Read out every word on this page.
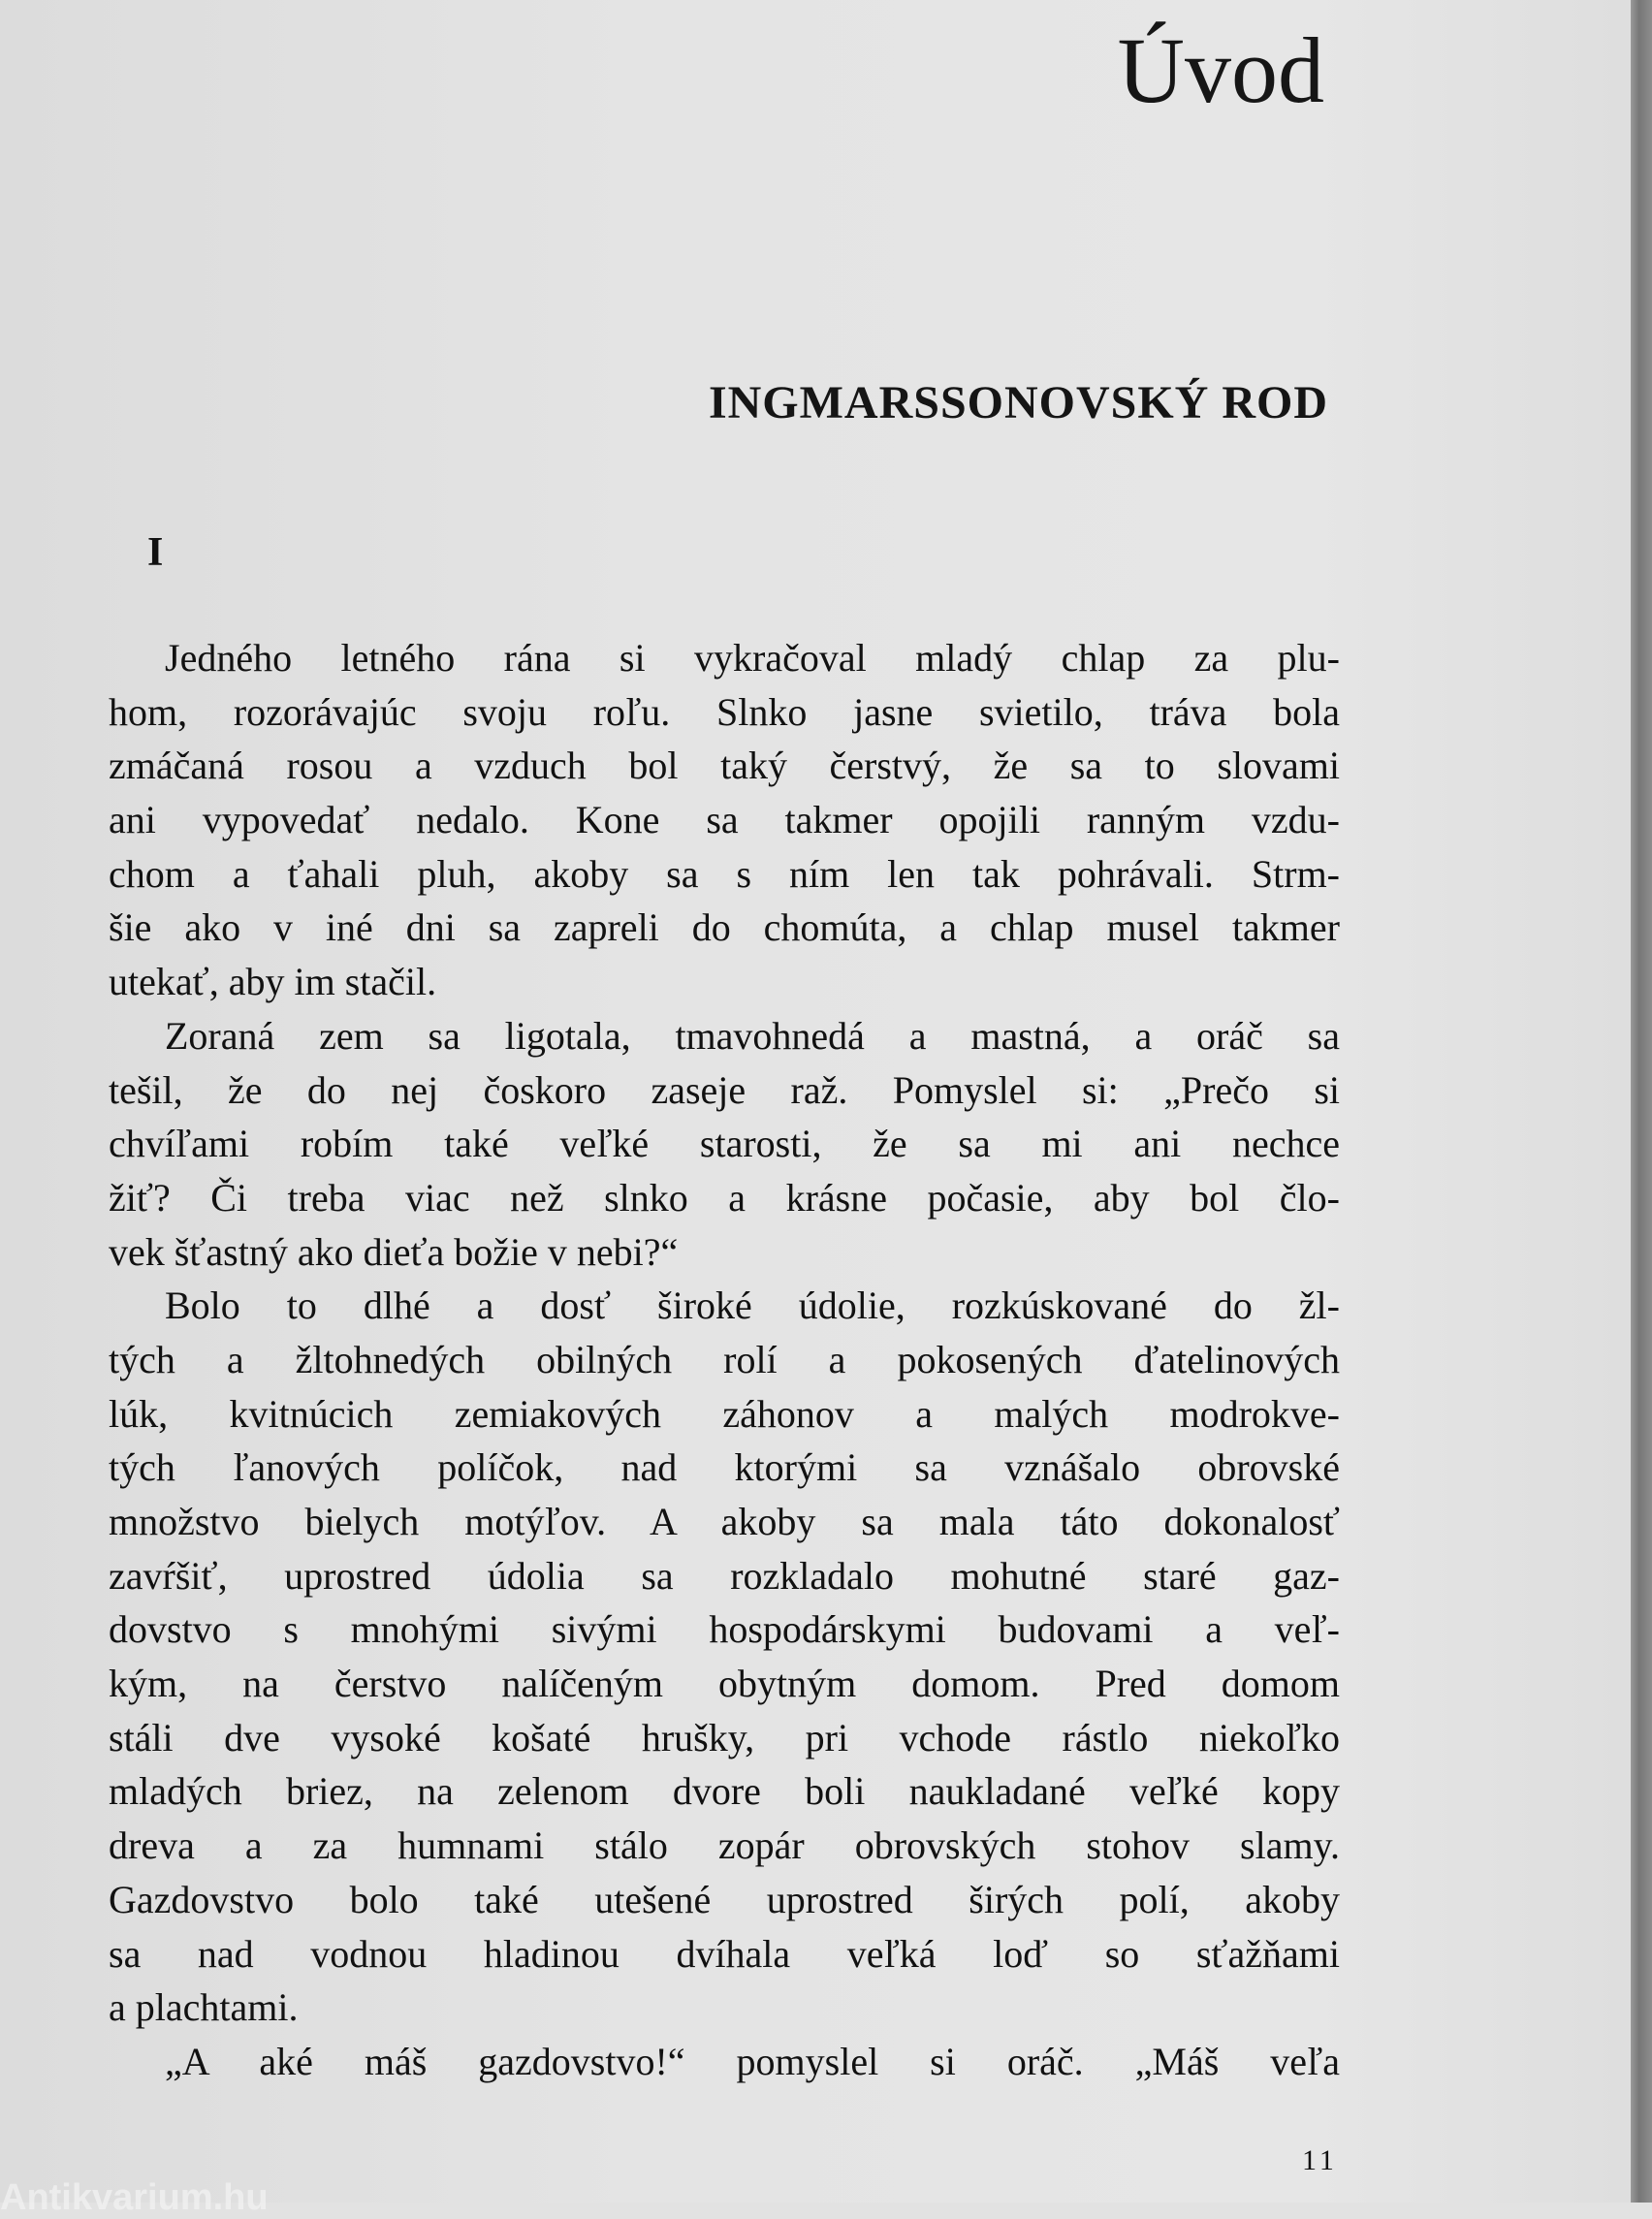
Úvod
INGMARSSONOVSKÝ ROD
I
Jedného letného rána si vykračoval mladý chlap za plu-
hom, rozorávajúc svoju roľu. Slnko jasne svietilo, tráva bola
zmáčaná rosou a vzduch bol taký čerstvý, že sa to slovami
ani vypovedať nedalo. Kone sa takmer opojili ranným vzdu-
chom a ťahali pluh, akoby sa s ním len tak pohrávali. Strm-
šie ako v iné dni sa zapreli do chomúta, a chlap musel takmer
utekať, aby im stačil.
Zoraná zem sa ligotala, tmavohnedá a mastná, a oráč sa
tešil, že do nej čoskoro zaseje raž. Pomyslel si: „Prečo si
chvíľami robím také veľké starosti, že sa mi ani nechce
žiť? Či treba viac než slnko a krásne počasie, aby bol člo-
vek šťastný ako dieťa božie v nebi?“
Bolo to dlhé a dosť široké údolie, rozkúskované do žl-
tých a žltohnedých obilných rolí a pokosených ďatelinových
lúk, kvitnúcich zemiakových záhonov a malých modrokve-
tých ľanových políčok, nad ktorými sa vznášalo obrovské
množstvo bielych motýľov. A akoby sa mala táto dokonalosť
zavŕšiť, uprostred údolia sa rozkladalo mohutné staré gaz-
dovstvo s mnohými sivými hospodárskymi budovami a veľ-
kým, na čerstvo nalíčeným obytným domom. Pred domom
stáli dve vysoké košaté hrušky, pri vchode rástlo niekoľko
mladých briez, na zelenom dvore boli naukladané veľké kopy
dreva a za humnami stálo zopár obrovských stohov slamy.
Gazdovstvo bolo také utešené uprostred širých polí, akoby
sa nad vodnou hladinou dvíhala veľká loď so sťažňami
a plachtami.
„A aké máš gazdovstvo!“ pomyslel si oráč. „Máš veľa
11
Antikvarium.hu
